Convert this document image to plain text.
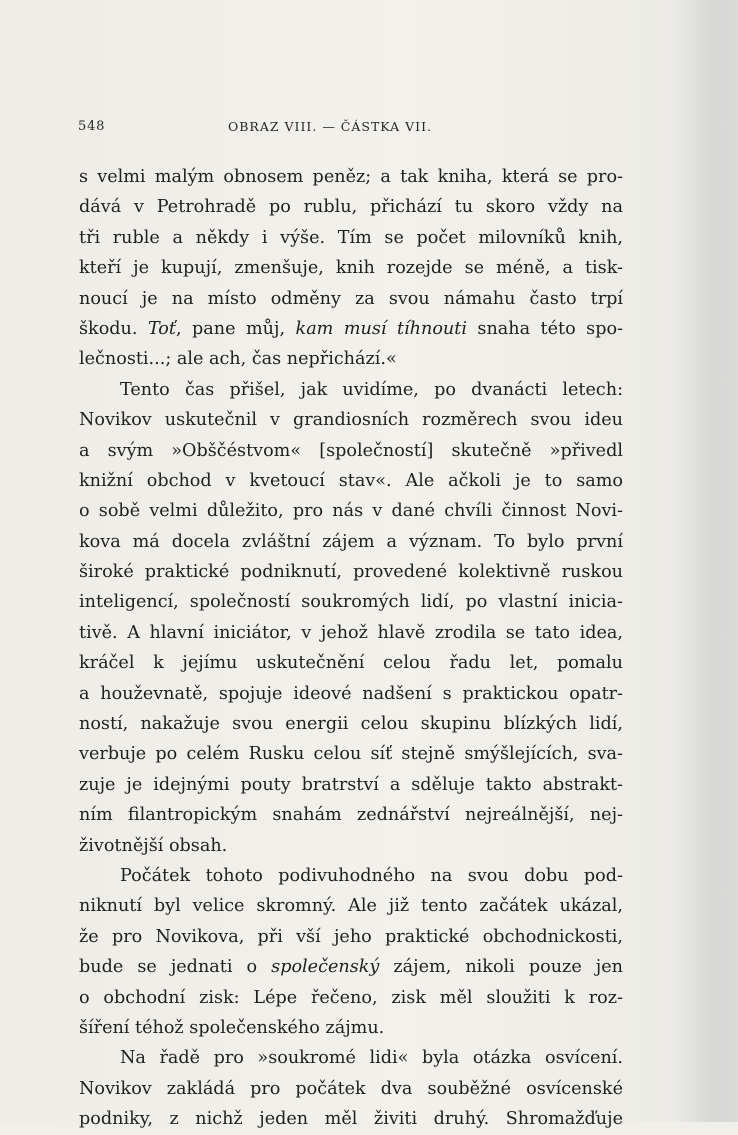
548	OBRAZ VIII. — ČÁSTKA VII.
s velmi malým obnosem peněz; a tak kniha, která se pro-
dává v Petrohradě po rublu, přichází tu skoro vždy na
tři ruble a někdy i výše. Tím se počet milovníků knih,
kteří je kupují, zmenšuje, knih rozejde se méně, a tisk-
noucí je na místo odměny za svou námahu často trpí
škodu. Toť, pane můj, kam musí tíhnouti snaha této spo-
lečnosti...; ale ach, čas nepřichází.«
Tento čas přišel, jak uvidíme, po dvanácti letech:
Novikov uskutečnil v grandiosních rozměrech svou ideu
a svým »Obščéstvom« [společností] skutečně »přivedl
knižní obchod v kvetoucí stav«. Ale ačkoli je to samo
o sobě velmi důležito, pro nás v dané chvíli činnost Novi-
kova má docela zvláštní zájem a význam. To bylo první
široké praktické podniknutí, provedené kolektivně ruskou
inteligencí, společností soukromých lidí, po vlastní inicia-
tivě. A hlavní iniciátor, v jehož hlavě zrodila se tato idea,
kráčel k jejímu uskutečnění celou řadu let, pomalu
a houževnatě, spojuje ideové nadšení s praktickou opatr-
ností, nakažuje svou energii celou skupinu blízkých lidí,
verbuje po celém Rusku celou síť stejně smýšlejících, sva-
zuje je idejnými pouty bratrství a sděluje takto abstrakt-
ním filantropickým snahám zednářství nejreálnější, nej-
životnější obsah.
Počátek tohoto podivuhodného na svou dobu pod-
niknutí byl velice skromný. Ale již tento začátek ukázal,
že pro Novikova, při vší jeho praktické obchodnickosti,
bude se jednati o společenský zájem, nikoli pouze jen
o obchodní zisk: Lépe řečeno, zisk měl sloužiti k roz-
šíření téhož společenského zájmu.
Na řadě pro »soukromé lidi« byla otázka osvícení.
Novikov zakládá pro počátek dva souběžné osvícenské
podniky, z nichž jeden měl živiti druhý. Shromažďuje
